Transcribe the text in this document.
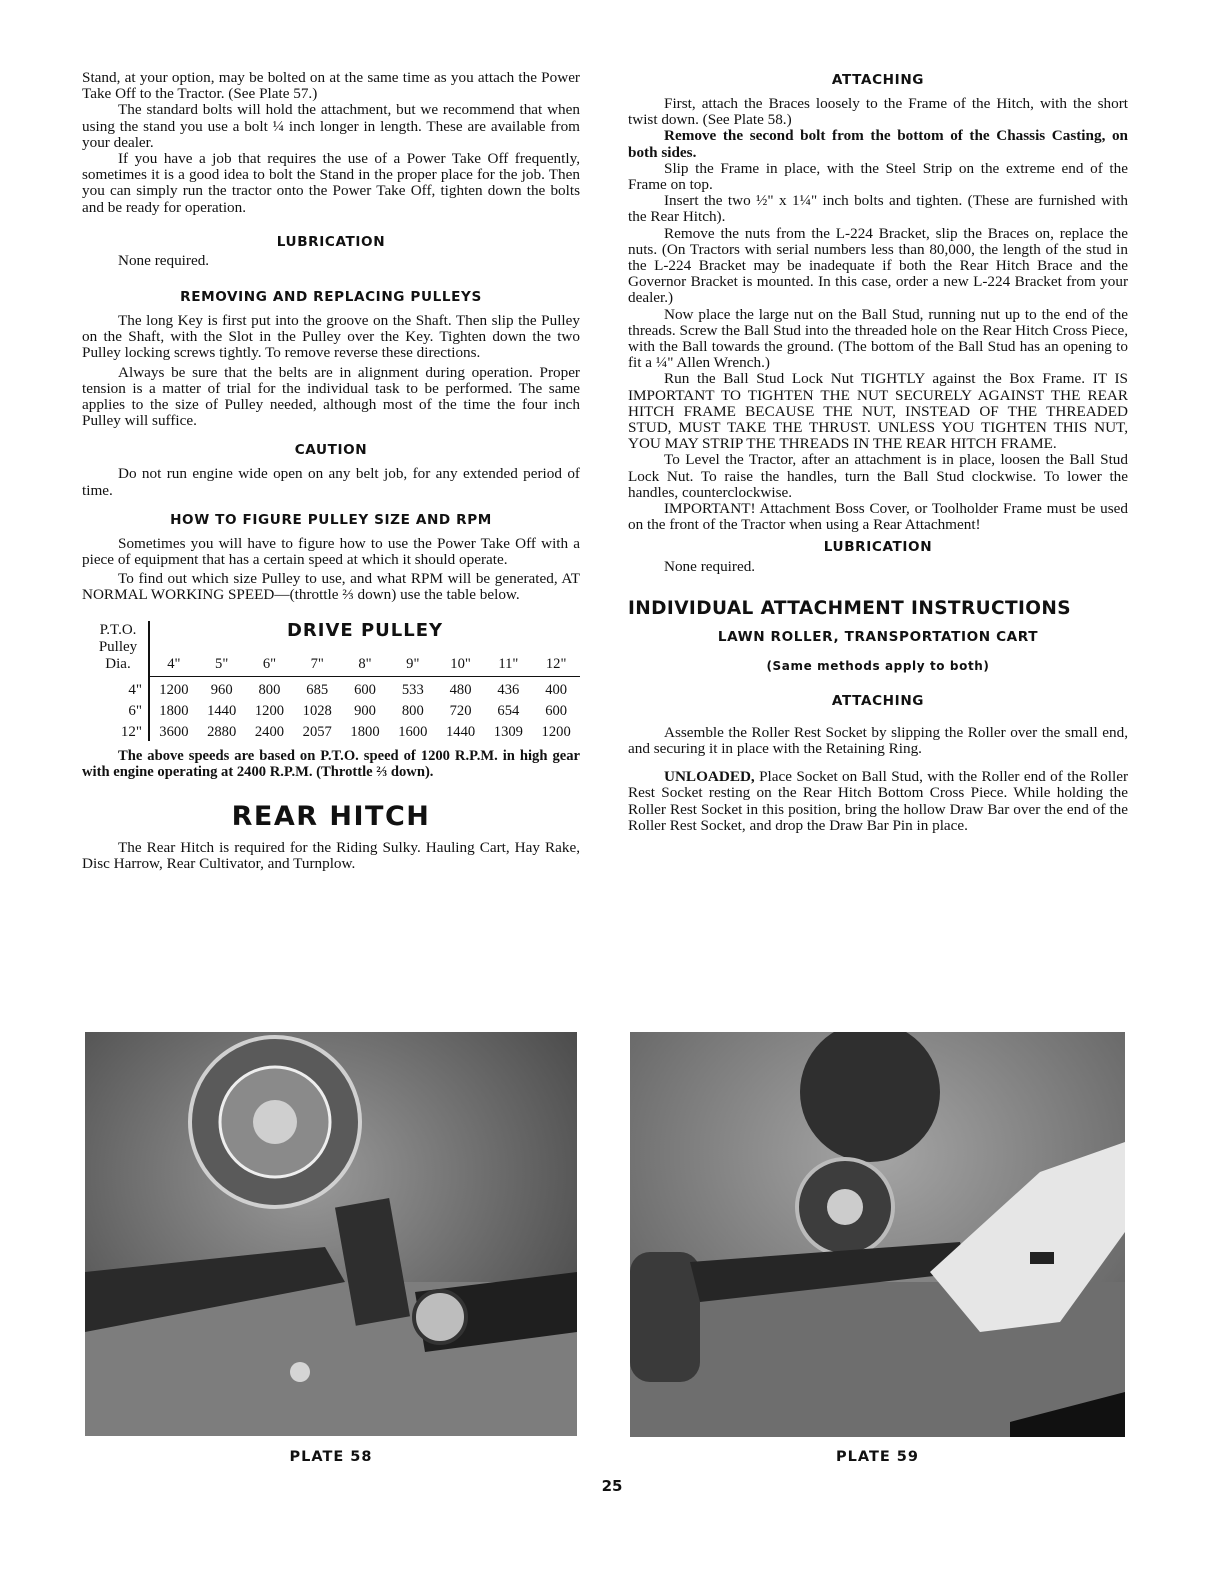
Stand, at your option, may be bolted on at the same time as you attach the Power Take Off to the Tractor. (See Plate 57.)

The standard bolts will hold the attachment, but we recommend that when using the stand you use a bolt ¼ inch longer in length. These are available from your dealer.

If you have a job that requires the use of a Power Take Off frequently, sometimes it is a good idea to bolt the Stand in the proper place for the job. Then you can simply run the tractor onto the Power Take Off, tighten down the bolts and be ready for operation.

LUBRICATION

None required.

REMOVING AND REPLACING PULLEYS

The long Key is first put into the groove on the Shaft. Then slip the Pulley on the Shaft, with the Slot in the Pulley over the Key. Tighten down the two Pulley locking screws tightly. To remove reverse these directions.

Always be sure that the belts are in alignment during operation. Proper tension is a matter of trial for the individual task to be performed. The same applies to the size of Pulley needed, although most of the time the four inch Pulley will suffice.

CAUTION

Do not run engine wide open on any belt job, for any extended period of time.

HOW TO FIGURE PULLEY SIZE AND RPM

Sometimes you will have to figure how to use the Power Take Off with a piece of equipment that has a certain speed at which it should operate.

To find out which size Pulley to use, and what RPM will be generated, AT NORMAL WORKING SPEED—(throttle ⅔ down) use the table below.

P.T.O.
Pulley
Dia.
DRIVE PULLEY
4"	5"	6"	7"	8"	9"	10"	11"	12"
4"	1200	960	800	685	600	533	480	436	400
6"	1800	1440	1200	1028	900	800	720	654	600
12"	3600	2880	2400	2057	1800	1600	1440	1309	1200

The above speeds are based on P.T.O. speed of 1200 R.P.M. in high gear with engine operating at 2400 R.P.M. (Throttle ⅔ down).

REAR HITCH

The Rear Hitch is required for the Riding Sulky. Hauling Cart, Hay Rake, Disc Harrow, Rear Cultivator, and Turnplow.

ATTACHING

First, attach the Braces loosely to the Frame of the Hitch, with the short twist down. (See Plate 58.)

Remove the second bolt from the bottom of the Chassis Casting, on both sides.

Slip the Frame in place, with the Steel Strip on the extreme end of the Frame on top.

Insert the two ½" x 1¼" inch bolts and tighten. (These are furnished with the Rear Hitch).

Remove the nuts from the L-224 Bracket, slip the Braces on, replace the nuts. (On Tractors with serial numbers less than 80,000, the length of the stud in the L-224 Bracket may be inadequate if both the Rear Hitch Brace and the Governor Bracket is mounted. In this case, order a new L-224 Bracket from your dealer.)

Now place the large nut on the Ball Stud, running nut up to the end of the threads. Screw the Ball Stud into the threaded hole on the Rear Hitch Cross Piece, with the Ball towards the ground. (The bottom of the Ball Stud has an opening to fit a ¼" Allen Wrench.)

Run the Ball Stud Lock Nut TIGHTLY against the Box Frame. IT IS IMPORTANT TO TIGHTEN THE NUT SECURELY AGAINST THE REAR HITCH FRAME BECAUSE THE NUT, INSTEAD OF THE THREADED STUD, MUST TAKE THE THRUST. UNLESS YOU TIGHTEN THIS NUT, YOU MAY STRIP THE THREADS IN THE REAR HITCH FRAME.

To Level the Tractor, after an attachment is in place, loosen the Ball Stud Lock Nut. To raise the handles, turn the Ball Stud clockwise. To lower the handles, counterclockwise.

IMPORTANT! Attachment Boss Cover, or Toolholder Frame must be used on the front of the Tractor when using a Rear Attachment!

LUBRICATION

None required.

INDIVIDUAL ATTACHMENT INSTRUCTIONS
LAWN ROLLER, TRANSPORTATION CART
(Same methods apply to both)
ATTACHING

Assemble the Roller Rest Socket by slipping the Roller over the small end, and securing it in place with the Retaining Ring.

UNLOADED, Place Socket on Ball Stud, with the Roller end of the Roller Rest Socket resting on the Rear Hitch Bottom Cross Piece. While holding the Roller Rest Socket in this position, bring the hollow Draw Bar over the end of the Roller Rest Socket, and drop the Draw Bar Pin in place.

PLATE 58	PLATE 59
25
